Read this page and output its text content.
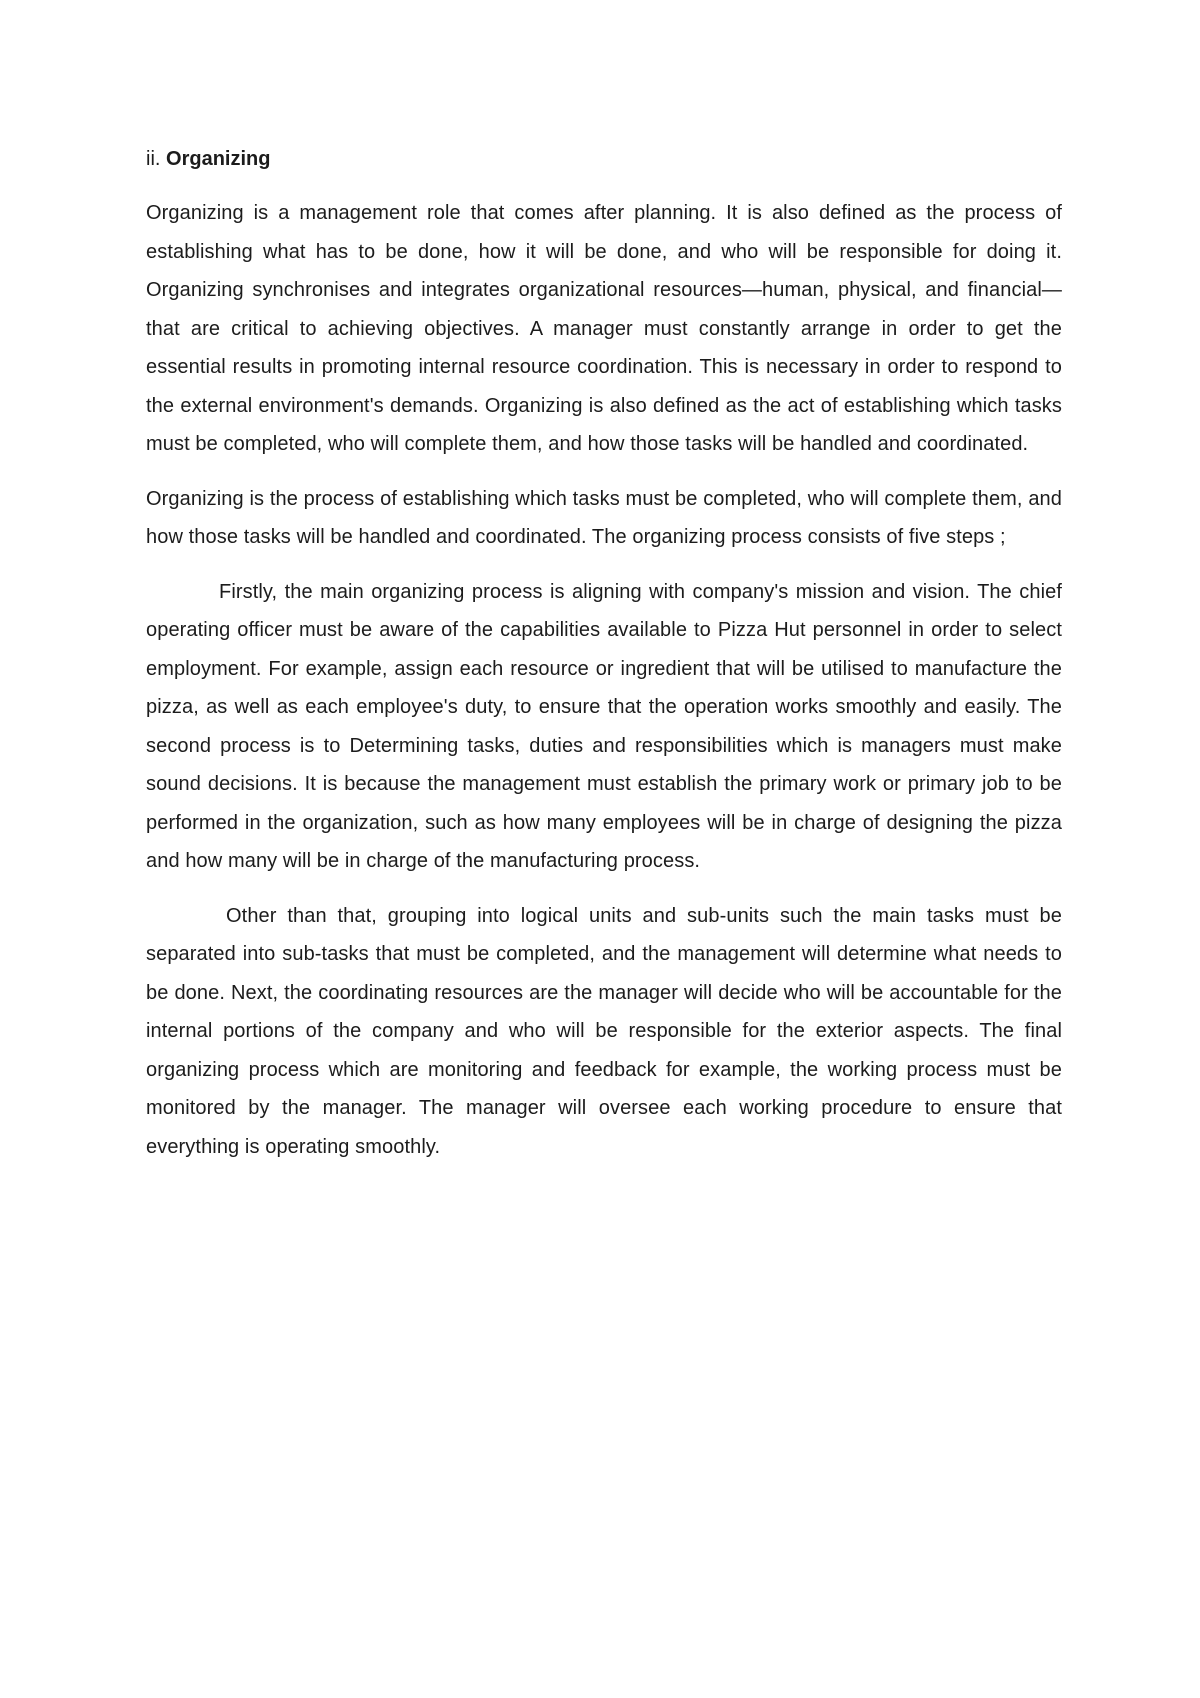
ii. Organizing

Organizing is a management role that comes after planning. It is also defined as the process of establishing what has to be done, how it will be done, and who will be responsible for doing it. Organizing synchronises and integrates organizational resources—human, physical, and financial—that are critical to achieving objectives. A manager must constantly arrange in order to get the essential results in promoting internal resource coordination. This is necessary in order to respond to the external environment's demands. Organizing is also defined as the act of establishing which tasks must be completed, who will complete them, and how those tasks will be handled and coordinated.

Organizing is the process of establishing which tasks must be completed, who will complete them, and how those tasks will be handled and coordinated. The organizing process consists of five steps ;

Firstly, the main organizing process is aligning with company's mission and vision. The chief operating officer must be aware of the capabilities available to Pizza Hut personnel in order to select employment. For example, assign each resource or ingredient that will be utilised to manufacture the pizza, as well as each employee's duty, to ensure that the operation works smoothly and easily. The second process is to Determining tasks, duties and responsibilities which is managers must make sound decisions. It is because the management must establish the primary work or primary job to be performed in the organization, such as how many employees will be in charge of designing the pizza and how many will be in charge of the manufacturing process.

Other than that, grouping into logical units and sub-units such the main tasks must be separated into sub-tasks that must be completed, and the management will determine what needs to be done. Next, the coordinating resources are the manager will decide who will be accountable for the internal portions of the company and who will be responsible for the exterior aspects. The final organizing process which are monitoring and feedback for example, the working process must be monitored by the manager. The manager will oversee each working procedure to ensure that everything is operating smoothly.
